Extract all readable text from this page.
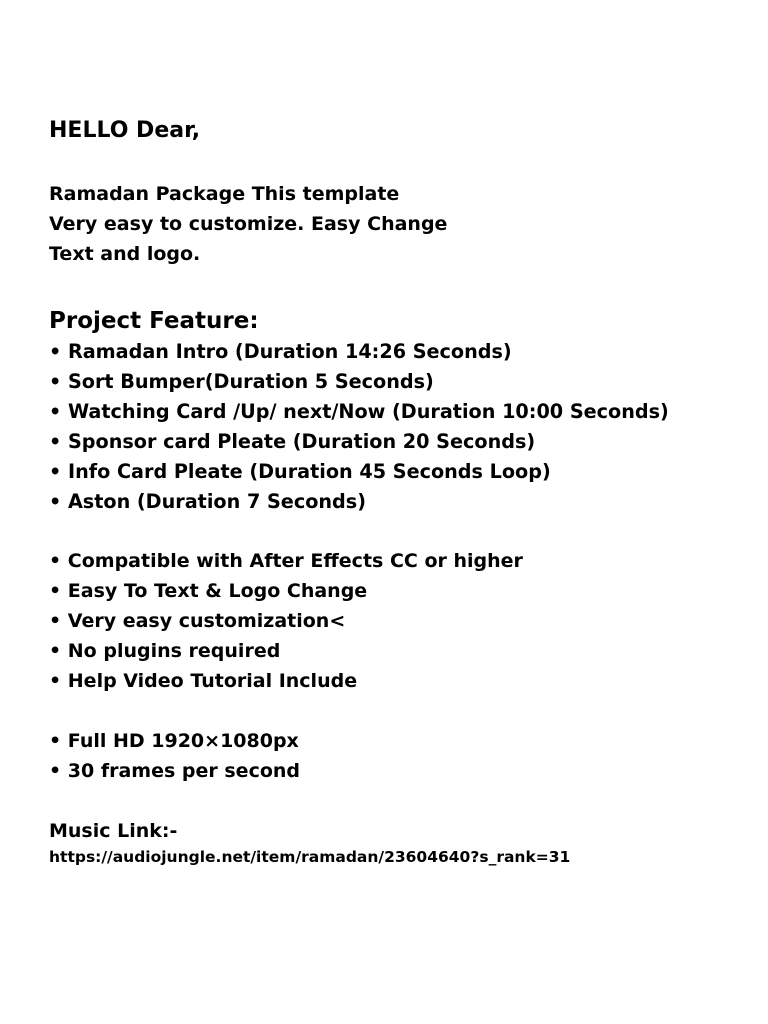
HELLO Dear,

Ramadan Package This template
Very easy to customize. Easy Change
Text and logo.

Project Feature:

• Ramadan Intro (Duration 14:26 Seconds)
• Sort Bumper(Duration 5 Seconds)
• Watching Card /Up/ next/Now (Duration 10:00 Seconds)
• Sponsor card Pleate (Duration 20 Seconds)
• Info Card Pleate (Duration 45 Seconds Loop)
• Aston (Duration 7 Seconds)
• Compatible with After Effects CC or higher
• Easy To Text & Logo Change
• Very easy customization<
• No plugins required
• Help Video Tutorial Include
• Full HD 1920×1080px
• 30 frames per second

Music Link:-

https://audiojungle.net/item/ramadan/23604640?s_rank=31
